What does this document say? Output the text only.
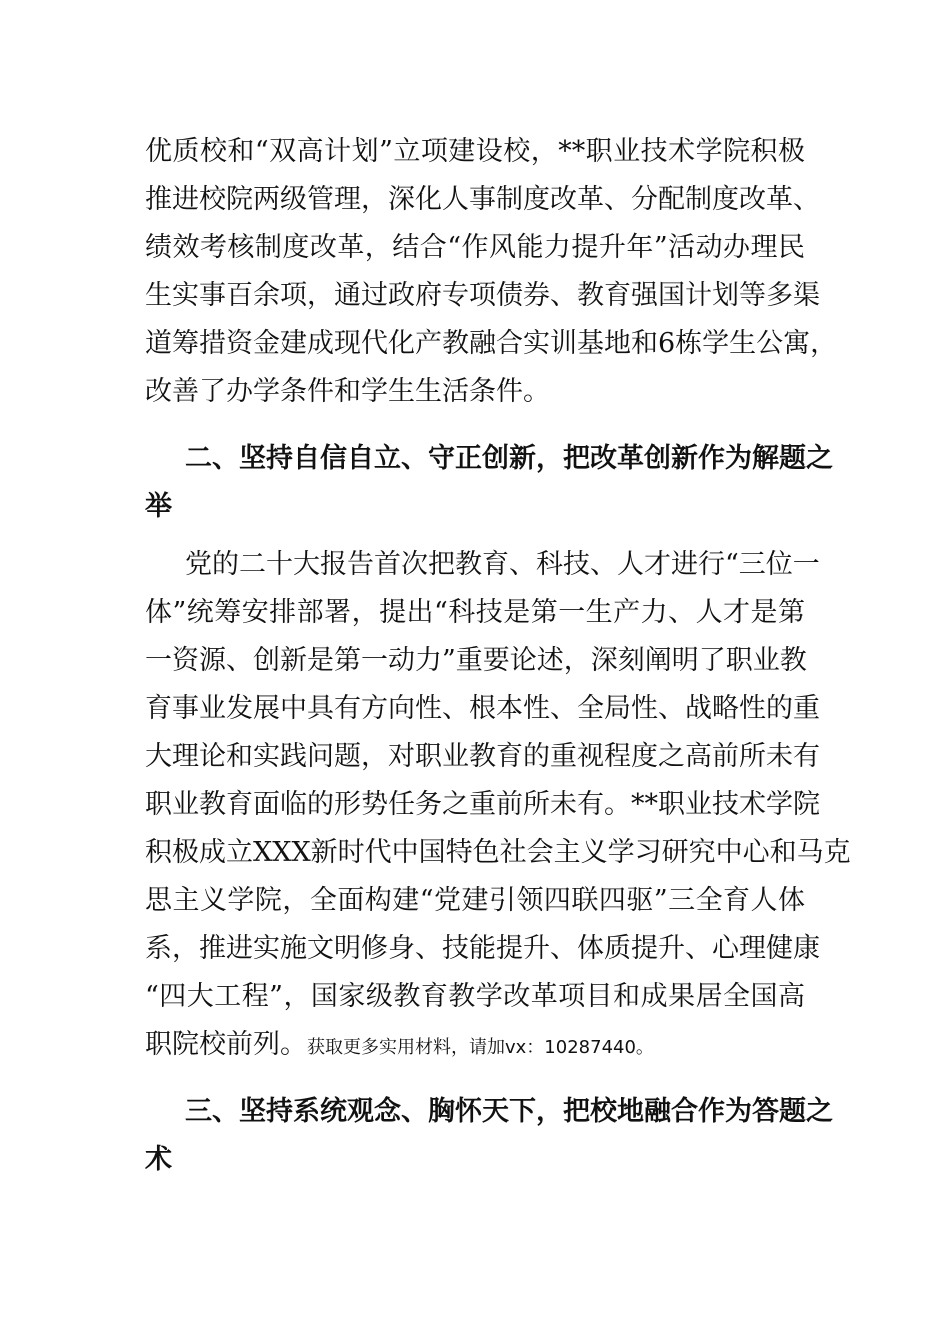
优质校和“双高计划”立项建设校，**职业技术学院积极
推进校院两级管理，深化人事制度改革、分配制度改革、
绩效考核制度改革，结合“作风能力提升年”活动办理民
生实事百余项，通过政府专项债券、教育强国计划等多渠
道筹措资金建成现代化产教融合实训基地和6栋学生公寓，
改善了办学条件和学生生活条件。
二、坚持自信自立、守正创新，把改革创新作为解题之
举
党的二十大报告首次把教育、科技、人才进行“三位一
体”统筹安排部署，提出“科技是第一生产力、人才是第
一资源、创新是第一动力”重要论述，深刻阐明了职业教
育事业发展中具有方向性、根本性、全局性、战略性的重
大理论和实践问题，对职业教育的重视程度之高前所未有
职业教育面临的形势任务之重前所未有。**职业技术学院
积极成立XXX新时代中国特色社会主义学习研究中心和马克
思主义学院，全面构建“党建引领四联四驱”三全育人体
系，推进实施文明修身、技能提升、体质提升、心理健康
“四大工程”，国家级教育教学改革项目和成果居全国高
职院校前列。获取更多实用材料，请加vx：10287440。
三、坚持系统观念、胸怀天下，把校地融合作为答题之
术
